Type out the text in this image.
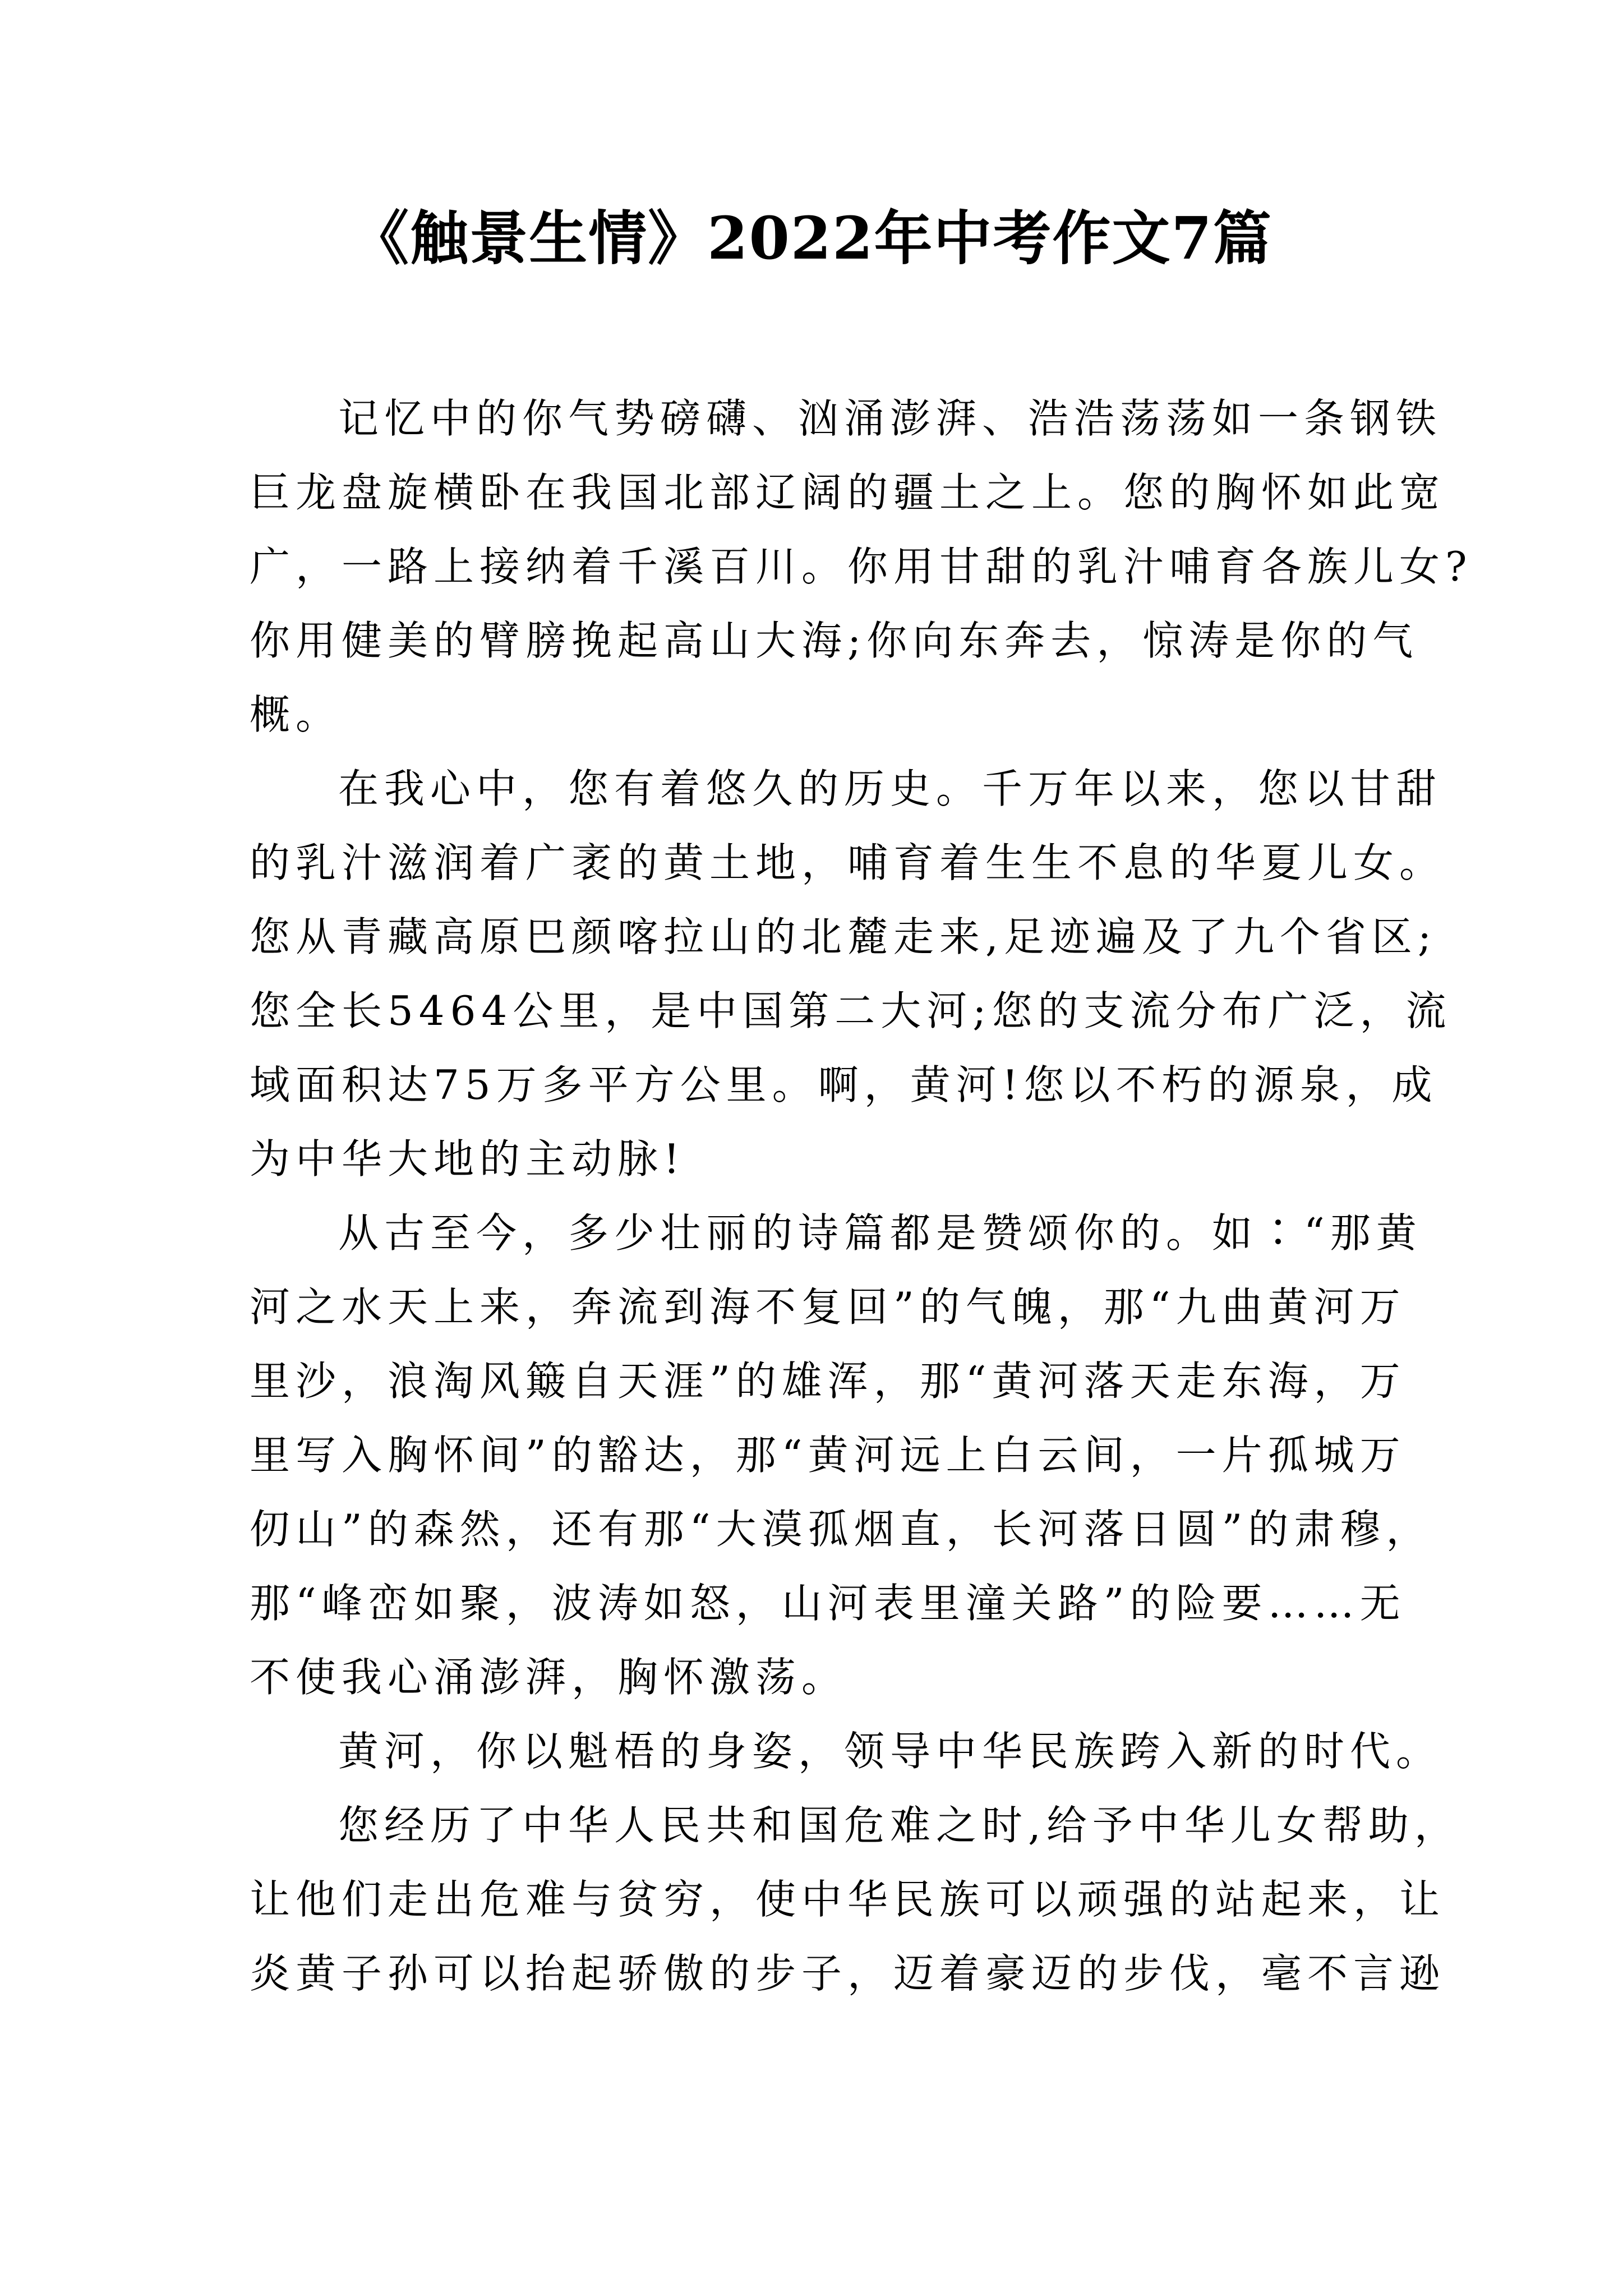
《触景生情》2022年中考作文7篇
记忆中的你气势磅礴、汹涌澎湃、浩浩荡荡如一条钢铁
巨龙盘旋横卧在我国北部辽阔的疆土之上。您的胸怀如此宽
广，一路上接纳着千溪百川。你用甘甜的乳汁哺育各族儿女?
你用健美的臂膀挽起高山大海;你向东奔去，惊涛是你的气
概。
在我心中，您有着悠久的历史。千万年以来，您以甘甜
的乳汁滋润着广袤的黄土地，哺育着生生不息的华夏儿女。
您从青藏高原巴颜喀拉山的北麓走来,足迹遍及了九个省区;
您全长5464公里，是中国第二大河;您的支流分布广泛，流
域面积达75万多平方公里。啊，黄河!您以不朽的源泉，成
为中华大地的主动脉!
从古至今，多少壮丽的诗篇都是赞颂你的。如∶“那黄
河之水天上来，奔流到海不复回”的气魄，那“九曲黄河万
里沙，浪淘风簸自天涯”的雄浑，那“黄河落天走东海，万
里写入胸怀间”的豁达，那“黄河远上白云间，一片孤城万
仞山”的森然，还有那“大漠孤烟直，长河落日圆”的肃穆，
那“峰峦如聚，波涛如怒，山河表里潼关路”的险要……无
不使我心涌澎湃，胸怀激荡。
黄河，你以魁梧的身姿，领导中华民族跨入新的时代。
您经历了中华人民共和国危难之时,给予中华儿女帮助，
让他们走出危难与贫穷，使中华民族可以顽强的站起来，让
炎黄子孙可以抬起骄傲的步子，迈着豪迈的步伐，毫不言逊
